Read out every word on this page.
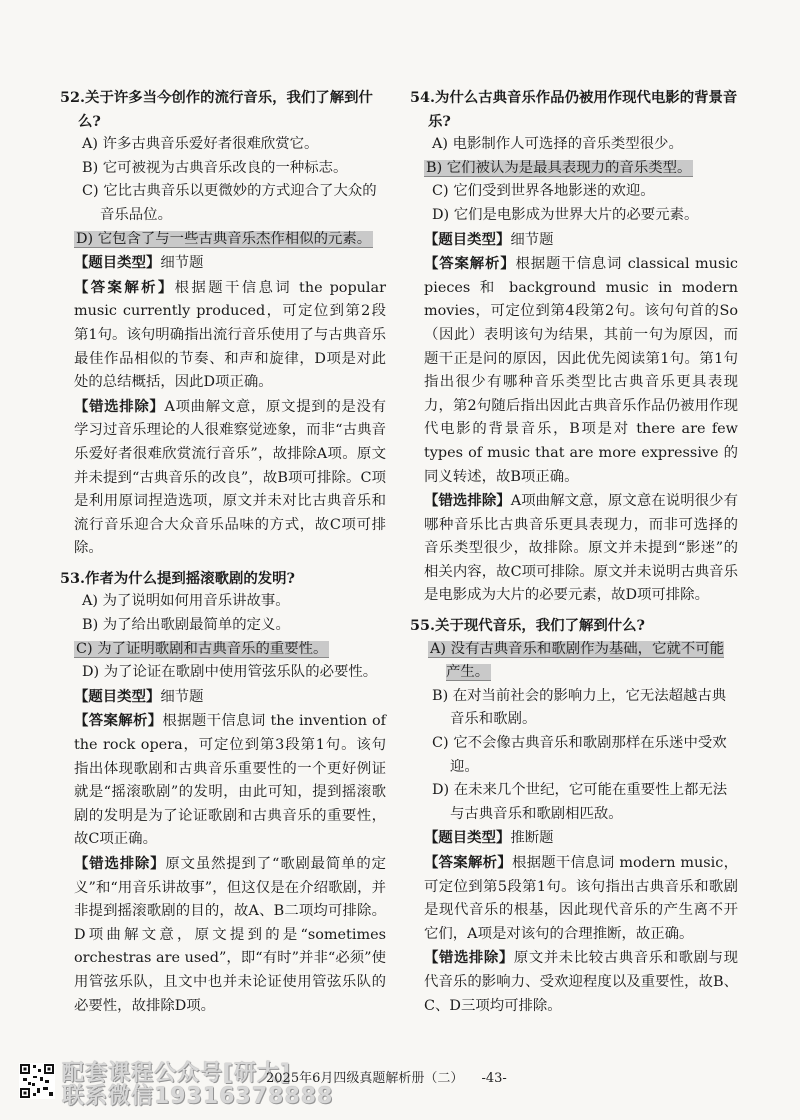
52.关于许多当今创作的流行音乐，我们了解到什么?
A) 许多古典音乐爱好者很难欣赏它。
B) 它可被视为古典音乐改良的一种标志。
C) 它比古典音乐以更微妙的方式迎合了大众的音乐品位。
D) 它包含了与一些古典音乐杰作相似的元素。
【题目类型】细节题
【答案解析】根据题干信息词 the popular music currently produced，可定位到第2段第1句。该句明确指出流行音乐使用了与古典音乐最佳作品相似的节奏、和声和旋律，D项是对此处的总结概括，因此D项正确。
【错选排除】A项曲解文意，原文提到的是没有学习过音乐理论的人很难察觉迹象，而非“古典音乐爱好者很难欣赏流行音乐”，故排除A项。原文并未提到“古典音乐的改良”，故B项可排除。C项是利用原词捏造选项，原文并未对比古典音乐和流行音乐迎合大众音乐品味的方式，故C项可排除。
53.作者为什么提到摇滚歌剧的发明?
A) 为了说明如何用音乐讲故事。
B) 为了给出歌剧最简单的定义。
C) 为了证明歌剧和古典音乐的重要性。
D) 为了论证在歌剧中使用管弦乐队的必要性。
【题目类型】细节题
【答案解析】根据题干信息词 the invention of the rock opera，可定位到第3段第1句。该句指出体现歌剧和古典音乐重要性的一个更好例证就是“摇滚歌剧”的发明，由此可知，提到摇滚歌剧的发明是为了论证歌剧和古典音乐的重要性，故C项正确。
【错选排除】原文虽然提到了“歌剧最简单的定义”和“用音乐讲故事”，但这仅是在介绍歌剧，并非提到摇滚歌剧的目的，故A、B二项均可排除。D项曲解文意，原文提到的是“sometimes orchestras are used”，即“有时”并非“必须”使用管弦乐队，且文中也并未论证使用管弦乐队的必要性，故排除D项。
54.为什么古典音乐作品仍被用作现代电影的背景音乐?
A) 电影制作人可选择的音乐类型很少。
B) 它们被认为是最具表现力的音乐类型。
C) 它们受到世界各地影迷的欢迎。
D) 它们是电影成为世界大片的必要元素。
【题目类型】细节题
【答案解析】根据题干信息词 classical music pieces 和 background music in modern movies，可定位到第4段第2句。该句句首的So（因此）表明该句为结果，其前一句为原因，而题干正是问的原因，因此优先阅读第1句。第1句指出很少有哪种音乐类型比古典音乐更具表现力，第2句随后指出因此古典音乐作品仍被用作现代电影的背景音乐，B项是对 there are few types of music that are more expressive 的同义转述，故B项正确。
【错选排除】A项曲解文意，原文意在说明很少有哪种音乐比古典音乐更具表现力，而非可选择的音乐类型很少，故排除。原文并未提到“影迷”的相关内容，故C项可排除。原文并未说明古典音乐是电影成为大片的必要元素，故D项可排除。
55.关于现代音乐，我们了解到什么?
A) 没有古典音乐和歌剧作为基础，它就不可能产生。
B) 在对当前社会的影响力上，它无法超越古典音乐和歌剧。
C) 它不会像古典音乐和歌剧那样在乐迷中受欢迎。
D) 在未来几个世纪，它可能在重要性上都无法与古典音乐和歌剧相匹敌。
【题目类型】推断题
【答案解析】根据题干信息词 modern music，可定位到第5段第1句。该句指出古典音乐和歌剧是现代音乐的根基，因此现代音乐的产生离不开它们，A项是对该句的合理推断，故正确。
【错选排除】原文并未比较古典音乐和歌剧与现代音乐的影响力、受欢迎程度以及重要性，故B、C、D三项均可排除。
配套课程公众号[研大]
联系微信19316378888
2025年6月四级真题解析册（二） -43-
